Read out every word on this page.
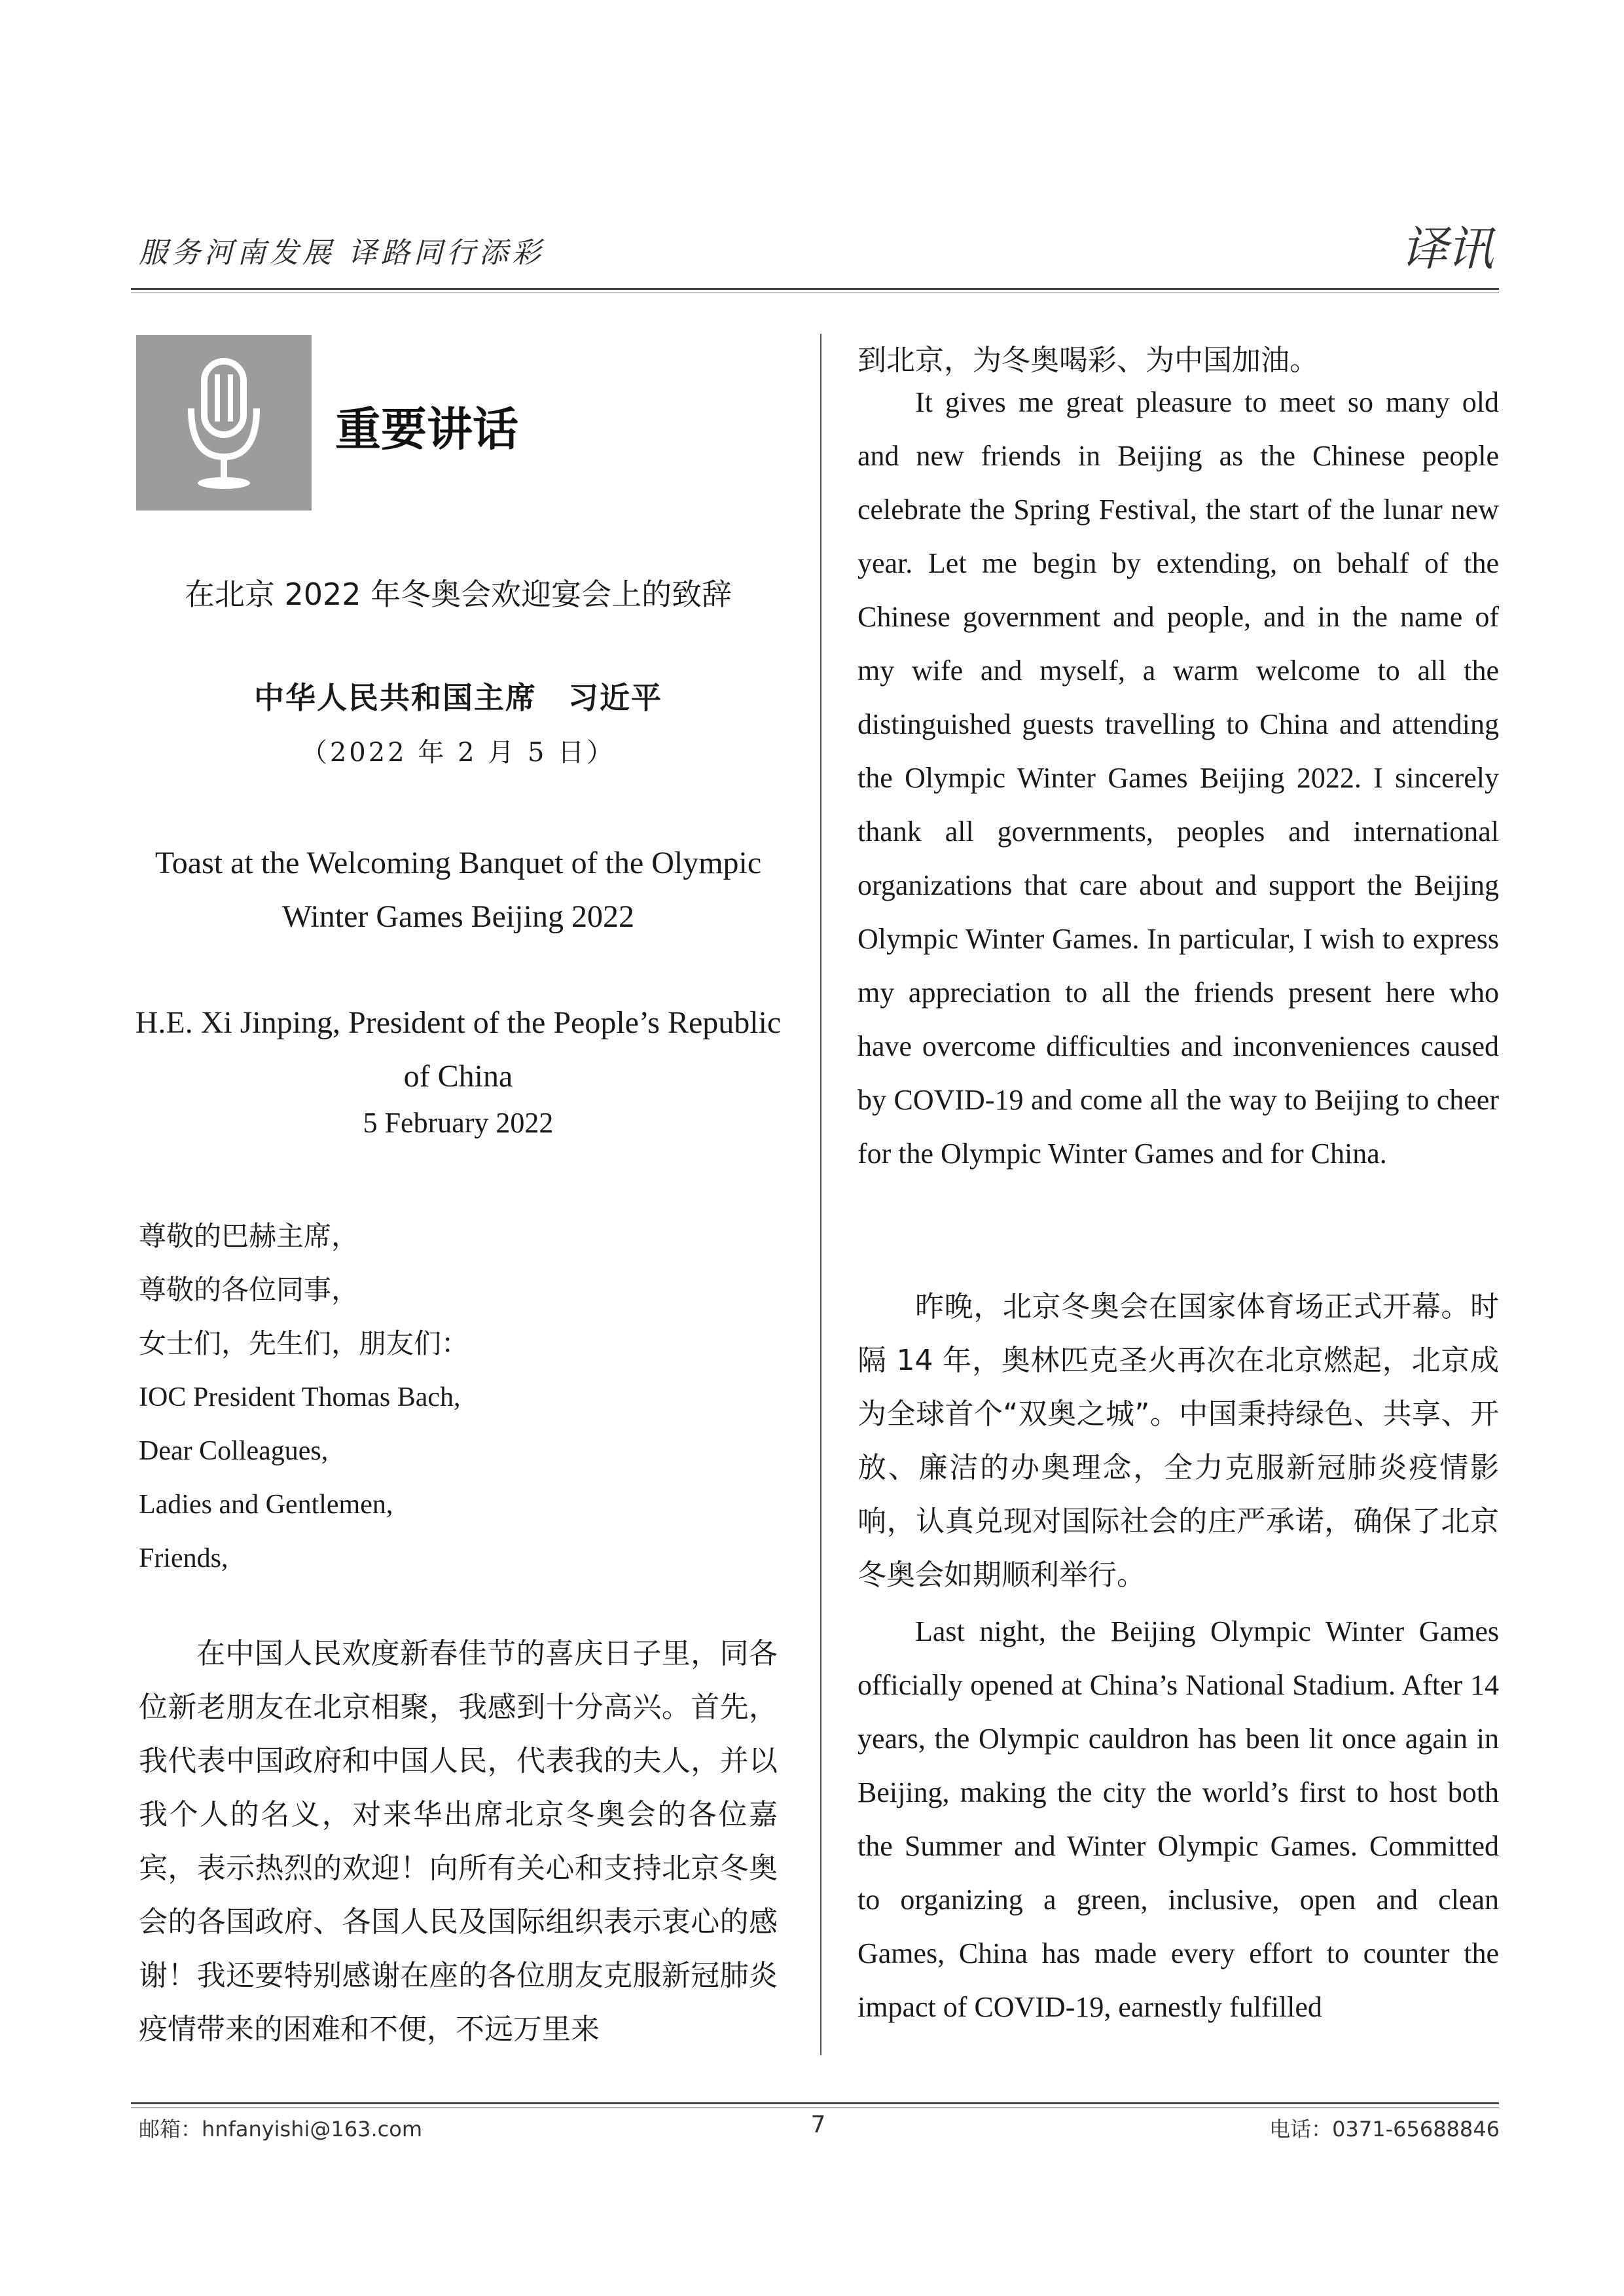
服务河南发展 译路同行添彩	译讯
重要讲话
在北京 2022 年冬奥会欢迎宴会上的致辞
中华人民共和国主席　习近平
（2022 年 2 月 5 日）
Toast at the Welcoming Banquet of the Olympic Winter Games Beijing 2022
H.E. Xi Jinping, President of the People’s Republic of China
5 February 2022
尊敬的巴赫主席，
尊敬的各位同事，
女士们，先生们，朋友们：
IOC President Thomas Bach,
Dear Colleagues,
Ladies and Gentlemen,
Friends,
在中国人民欢度新春佳节的喜庆日子里，同各位新老朋友在北京相聚，我感到十分高兴。首先，我代表中国政府和中国人民，代表我的夫人，并以我个人的名义，对来华出席北京冬奥会的各位嘉宾，表示热烈的欢迎！向所有关心和支持北京冬奥会的各国政府、各国人民及国际组织表示衷心的感谢！我还要特别感谢在座的各位朋友克服新冠肺炎疫情带来的困难和不便，不远万里来
到北京，为冬奥喝彩、为中国加油。
It gives me great pleasure to meet so many old and new friends in Beijing as the Chinese people celebrate the Spring Festival, the start of the lunar new year. Let me begin by extending, on behalf of the Chinese government and people, and in the name of my wife and myself, a warm welcome to all the distinguished guests travelling to China and attending the Olympic Winter Games Beijing 2022. I sincerely thank all governments, peoples and international organizations that care about and support the Beijing Olympic Winter Games. In particular, I wish to express my appreciation to all the friends present here who have overcome difficulties and inconveniences caused by COVID-19 and come all the way to Beijing to cheer for the Olympic Winter Games and for China.
昨晚，北京冬奥会在国家体育场正式开幕。时隔 14 年，奥林匹克圣火再次在北京燃起，北京成为全球首个“双奥之城”。中国秉持绿色、共享、开放、廉洁的办奥理念，全力克服新冠肺炎疫情影响，认真兑现对国际社会的庄严承诺，确保了北京冬奥会如期顺利举行。
Last night, the Beijing Olympic Winter Games officially opened at China’s National Stadium. After 14 years, the Olympic cauldron has been lit once again in Beijing, making the city the world’s first to host both the Summer and Winter Olympic Games. Committed to organizing a green, inclusive, open and clean Games, China has made every effort to counter the impact of COVID-19, earnestly fulfilled
邮箱：hnfanyishi@163.com	7	电话：0371-65688846
